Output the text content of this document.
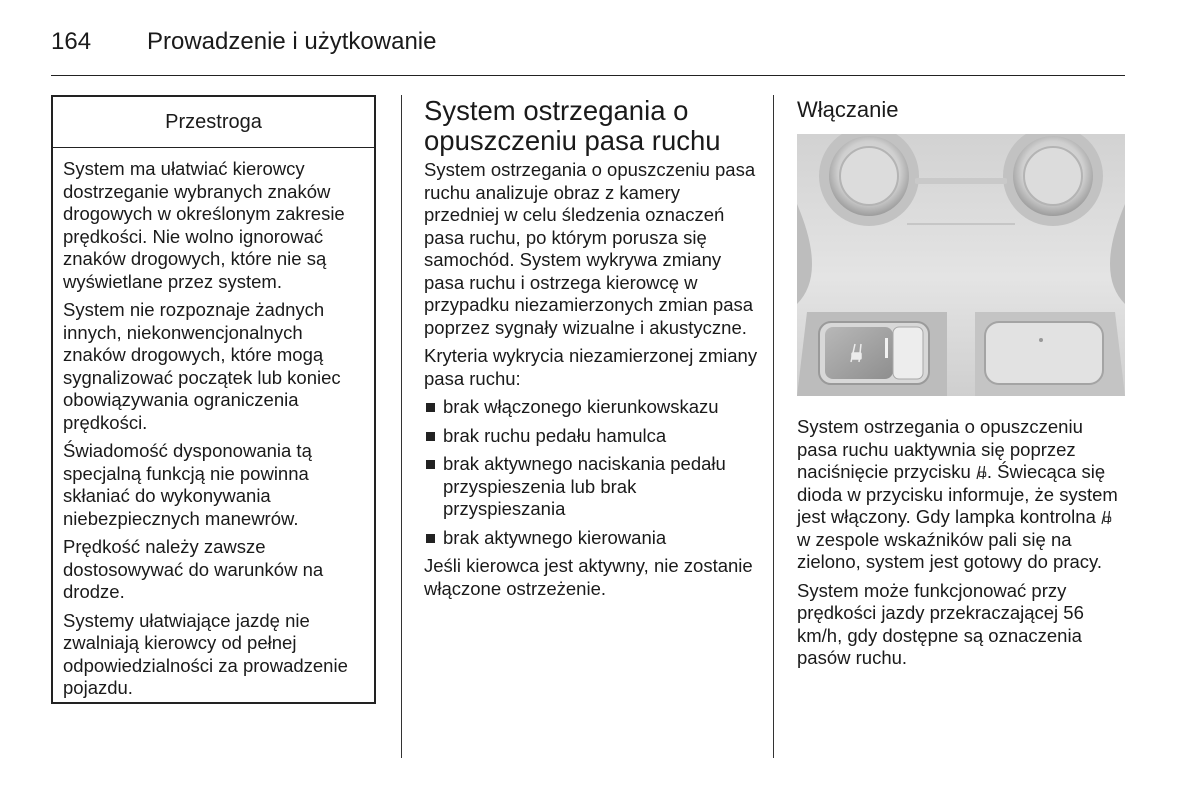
164	Prowadzenie i użytkowanie
Przestroga

System ma ułatwiać kierowcy dostrzeganie wybranych znaków drogowych w określonym zakresie prędkości. Nie wolno ignorować znaków drogowych, które nie są wyświetlane przez system.

System nie rozpoznaje żadnych innych, niekonwencjonalnych znaków drogowych, które mogą sygnalizować początek lub koniec obowiązywania ograniczenia prędkości.

Świadomość dysponowania tą specjalną funkcją nie powinna skłaniać do wykonywania niebezpiecznych manewrów.

Prędkość należy zawsze dostosowywać do warunków na drodze.

Systemy ułatwiające jazdę nie zwalniają kierowcy od pełnej odpowiedzialności za prowadzenie pojazdu.

System ostrzegania o opuszczeniu pasa ruchu

System ostrzegania o opuszczeniu pasa ruchu analizuje obraz z kamery przedniej w celu śledzenia oznaczeń pasa ruchu, po którym porusza się samochód. System wykrywa zmiany pasa ruchu i ostrzega kierowcę w przypadku niezamierzonych zmian pasa poprzez sygnały wizualne i akustyczne.

Kryteria wykrycia niezamierzonej zmiany pasa ruchu:

brak włączonego kierunkowskazu
brak ruchu pedału hamulca
brak aktywnego naciskania pedału przyspieszenia lub brak przyspieszania
brak aktywnego kierowania

Jeśli kierowca jest aktywny, nie zostanie włączone ostrzeżenie.

Włączanie

System ostrzegania o opuszczeniu pasa ruchu uaktywnia się poprzez naciśnięcie przycisku . Świecąca się dioda w przycisku informuje, że system jest włączony. Gdy lampka kontrolna  w zespole wskaźników pali się na zielono, system jest gotowy do pracy.

System może funkcjonować przy prędkości jazdy przekraczającej 56 km/h, gdy dostępne są oznaczenia pasów ruchu.
